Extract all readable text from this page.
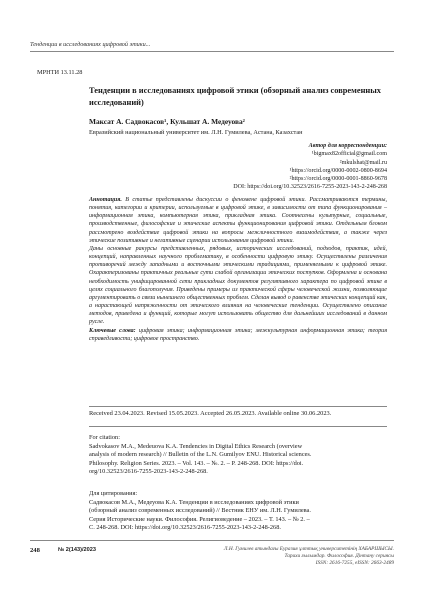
Тенденции в исследованиях цифровой этики...
МРНТИ 13.11.28
Тенденции в исследованиях цифровой этики (обзорный анализ современных исследований)
Максат А. Садвокасов¹, Кульшат А. Медеуова²
Евразийский национальный университет им. Л.Н. Гумилева, Астана, Казахстан
Автор для корреспонденции:
¹bigmax82official@gmail.com
²mkulshat@mail.ru
¹https://orcid.org/0000-0002-0800-8694
²https://orcid.org/0000-0001-8860-9678
DOI: https://doi.org/10.32523/2616-7255-2023-143-2-248-268

Аннотация. В статье представлены дискуссии о феномене цифровой этики. Рассматриваются термины, понятия, категории и критерии, используемые в цифровой этике, в зависимости от типа функционирования – информационная этика, компьютерная этика, прикладная этика. Соотнесены культурные, социальные, производственные, философские и этические аспекты функционирования цифровой этики. Отдельным блоком рассмотрено воздействие цифровой этики на вопросы межличностного взаимодействия, а также через этические позитивные и негативные сценарии использования цифровой этики.

Даны основные ракурсы представленных, рядовых, исторических исследований, подходов, практик, идей, концепций, направленных научного проблематику, в особенности цифровую этику. Осуществлены различения противоречий между западными и восточными этическими традициями, применяемыми к цифровой этике. Охарактеризованы практичных реальные сути слабой организации этических поступков. Оформлена и основана необходимость унифицированной сети прикладных документов регулятивного характера по цифровой этике в целях социального благополучия. Приведены примеры из практической сферы человеческой жизни, позволяющие аргументировать о связи нынешнего общественных проблем. Сделан вывод о равенстве этических концепций как, а нарастающей напряженности от этического влияния на человеческие тенденции. Осуществлено описание методов, приведена и функций, которые могут использовать общество для дальнейших исследований в данном русле.

Ключевые слова: цифровая этика; информационная этика; межкультурная информационная этика; теория справедливости; цифровое пространство.

Received 23.04.2023. Revised 15.05.2023. Accepted 26.05.2023. Available online 30.06.2023.
For citation:
Sadvokasov M.A., Medeuova K.A. Tendencies in Digital Ethics Research (overview
analysis of modern research) // Bulletin of the L.N. Gumilyov ENU. Historical sciences.
Philosophy. Religion Series. 2023. – Vol. 143. – №. 2. – P. 248-268. DOI: https://doi.
org/10.32523/2616-7255-2023-143-2-248-268.
Для цитирования:
Садвокасов М.А., Медеуова К.А. Тенденции в исследованиях цифровой этики
(обзорный анализ современных исследований) // Вестник ЕНУ им. Л.Н. Гумилева.
Серия Исторические науки. Философия. Религиоведение – 2023. – Т. 143. – № 2. –
С. 248-268. DOI: https://doi.org/10.32523/2616-7255-2023-143-2-248-268.
248	№ 2(143)/2023	Л.Н. Гумилев атындағы Еуразия ұлттық университетінің ХАБАРШЫСЫ.
Тарихи ғылымдар. Философия. Дінтану сериясы
ISSN: 2616-7255, eISSN: 2663-2489
